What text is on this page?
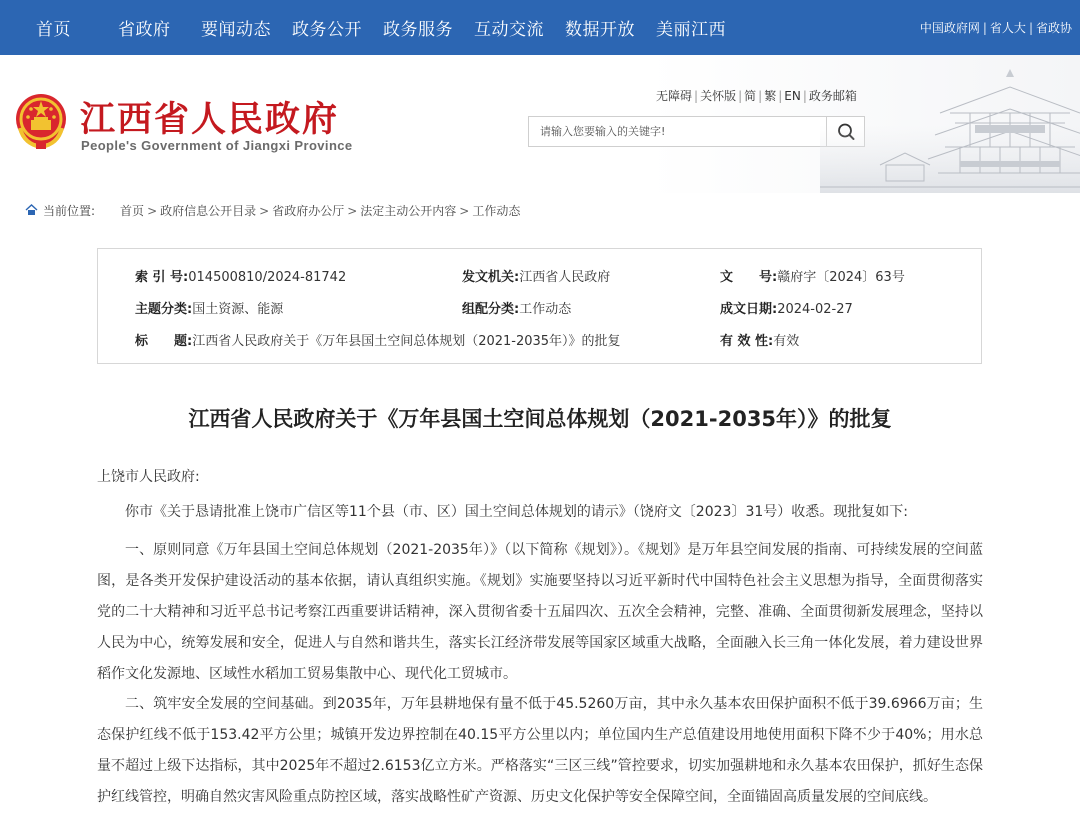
首页	省政府 要闻动态 政务公开 政务服务 互动交流 数据开放 美丽江西	中国政府网 | 省人大 | 省政协
江西省人民政府
People's Government of Jiangxi Province
无障碍 | 关怀版 | 简 | 繁 | EN | 政务邮箱
请输入您要输入的关键字!
当前位置: 首页 > 政府信息公开目录 > 省政府办公厅 > 法定主动公开内容 > 工作动态
索 引 号:014500810/2024-81742	发文机关:江西省人民政府	文　　号:赣府字〔2024〕63号
主题分类:国土资源、能源	组配分类:工作动态	成文日期:2024-02-27
标　　题:江西省人民政府关于《万年县国土空间总体规划（2021-2035年）》的批复	有 效 性:有效
江西省人民政府关于《万年县国土空间总体规划（2021-2035年）》的批复
上饶市人民政府:

你市《关于恳请批准上饶市广信区等11个县（市、区）国土空间总体规划的请示》（饶府文〔2023〕31号）收悉。现批复如下:

一、原则同意《万年县国土空间总体规划（2021-2035年）》（以下简称《规划》）。《规划》是万年县空间发展的指南、可持续发展的空间蓝图，是各类开发保护建设活动的基本依据，请认真组织实施。《规划》实施要坚持以习近平新时代中国特色社会主义思想为指导，全面贯彻落实党的二十大精神和习近平总书记考察江西重要讲话精神，深入贯彻省委十五届四次、五次全会精神，完整、准确、全面贯彻新发展理念，坚持以人民为中心，统筹发展和安全，促进人与自然和谐共生，落实长江经济带发展等国家区域重大战略，全面融入长三角一体化发展，着力建设世界稻作文化发源地、区域性水稻加工贸易集散中心、现代化工贸城市。

二、筑牢安全发展的空间基础。到2035年，万年县耕地保有量不低于45.5260万亩，其中永久基本农田保护面积不低于39.6966万亩；生态保护红线不低于153.42平方公里；城镇开发边界控制在40.15平方公里以内；单位国内生产总值建设用地使用面积下降不少于40%；用水总量不超过上级下达指标，其中2025年不超过2.6153亿立方米。严格落实“三区三线”管控要求，切实加强耕地和永久基本农田保护，抓好生态保护红线管控，明确自然灾害风险重点防控区域，落实战略性矿产资源、历史文化保护等安全保障空间，全面锚固高质量发展的空间底线。
